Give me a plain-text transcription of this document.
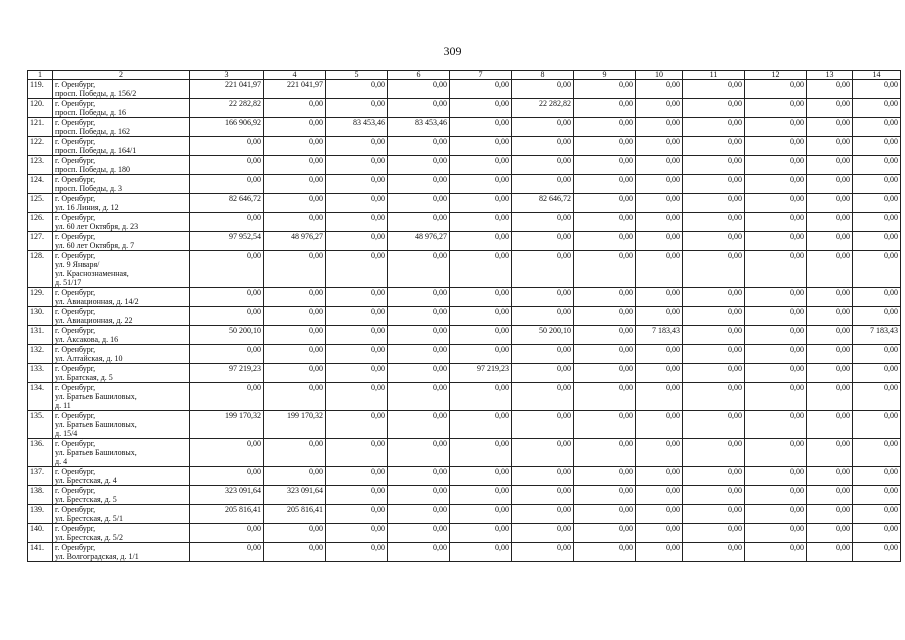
309
1	2	3	4	5	6	7	8	9	10	11	12	13	14
119.	г. Оренбург,
просп. Победы, д. 156/2	221 041,97	221 041,97	0,00	0,00	0,00	0,00	0,00	0,00	0,00	0,00	0,00	0,00
120.	г. Оренбург,
просп. Победы, д. 16	22 282,82	0,00	0,00	0,00	0,00	22 282,82	0,00	0,00	0,00	0,00	0,00	0,00
121.	г. Оренбург,
просп. Победы, д. 162	166 906,92	0,00	83 453,46	83 453,46	0,00	0,00	0,00	0,00	0,00	0,00	0,00	0,00
122.	г. Оренбург,
просп. Победы, д. 164/1	0,00	0,00	0,00	0,00	0,00	0,00	0,00	0,00	0,00	0,00	0,00	0,00
123.	г. Оренбург,
просп. Победы, д. 180	0,00	0,00	0,00	0,00	0,00	0,00	0,00	0,00	0,00	0,00	0,00	0,00
124.	г. Оренбург,
просп. Победы, д. 3	0,00	0,00	0,00	0,00	0,00	0,00	0,00	0,00	0,00	0,00	0,00	0,00
125.	г. Оренбург,
ул. 16 Линия, д. 12	82 646,72	0,00	0,00	0,00	0,00	82 646,72	0,00	0,00	0,00	0,00	0,00	0,00
126.	г. Оренбург,
ул. 60 лет Октября, д. 23	0,00	0,00	0,00	0,00	0,00	0,00	0,00	0,00	0,00	0,00	0,00	0,00
127.	г. Оренбург,
ул. 60 лет Октября, д. 7	97 952,54	48 976,27	0,00	48 976,27	0,00	0,00	0,00	0,00	0,00	0,00	0,00	0,00
128.	г. Оренбург,
ул. 9 Января/
ул. Краснознаменная,
д. 51/17	0,00	0,00	0,00	0,00	0,00	0,00	0,00	0,00	0,00	0,00	0,00	0,00
129.	г. Оренбург,
ул. Авиационная, д. 14/2	0,00	0,00	0,00	0,00	0,00	0,00	0,00	0,00	0,00	0,00	0,00	0,00
130.	г. Оренбург,
ул. Авиационная, д. 22	0,00	0,00	0,00	0,00	0,00	0,00	0,00	0,00	0,00	0,00	0,00	0,00
131.	г. Оренбург,
ул. Аксакова, д. 16	50 200,10	0,00	0,00	0,00	0,00	50 200,10	0,00	7 183,43	0,00	0,00	0,00	7 183,43
132.	г. Оренбург,
ул. Алтайская, д. 10	0,00	0,00	0,00	0,00	0,00	0,00	0,00	0,00	0,00	0,00	0,00	0,00
133.	г. Оренбург,
ул. Братская, д. 5	97 219,23	0,00	0,00	0,00	97 219,23	0,00	0,00	0,00	0,00	0,00	0,00	0,00
134.	г. Оренбург,
ул. Братьев Башиловых,
д. 11	0,00	0,00	0,00	0,00	0,00	0,00	0,00	0,00	0,00	0,00	0,00	0,00
135.	г. Оренбург,
ул. Братьев Башиловых,
д. 15/4	199 170,32	199 170,32	0,00	0,00	0,00	0,00	0,00	0,00	0,00	0,00	0,00	0,00
136.	г. Оренбург,
ул. Братьев Башиловых,
д. 4	0,00	0,00	0,00	0,00	0,00	0,00	0,00	0,00	0,00	0,00	0,00	0,00
137.	г. Оренбург,
ул. Брестская, д. 4	0,00	0,00	0,00	0,00	0,00	0,00	0,00	0,00	0,00	0,00	0,00	0,00
138.	г. Оренбург,
ул. Брестская, д. 5	323 091,64	323 091,64	0,00	0,00	0,00	0,00	0,00	0,00	0,00	0,00	0,00	0,00
139.	г. Оренбург,
ул. Брестская, д. 5/1	205 816,41	205 816,41	0,00	0,00	0,00	0,00	0,00	0,00	0,00	0,00	0,00	0,00
140.	г. Оренбург,
ул. Брестская, д. 5/2	0,00	0,00	0,00	0,00	0,00	0,00	0,00	0,00	0,00	0,00	0,00	0,00
141.	г. Оренбург,
ул. Волгоградская, д. 1/1	0,00	0,00	0,00	0,00	0,00	0,00	0,00	0,00	0,00	0,00	0,00	0,00
